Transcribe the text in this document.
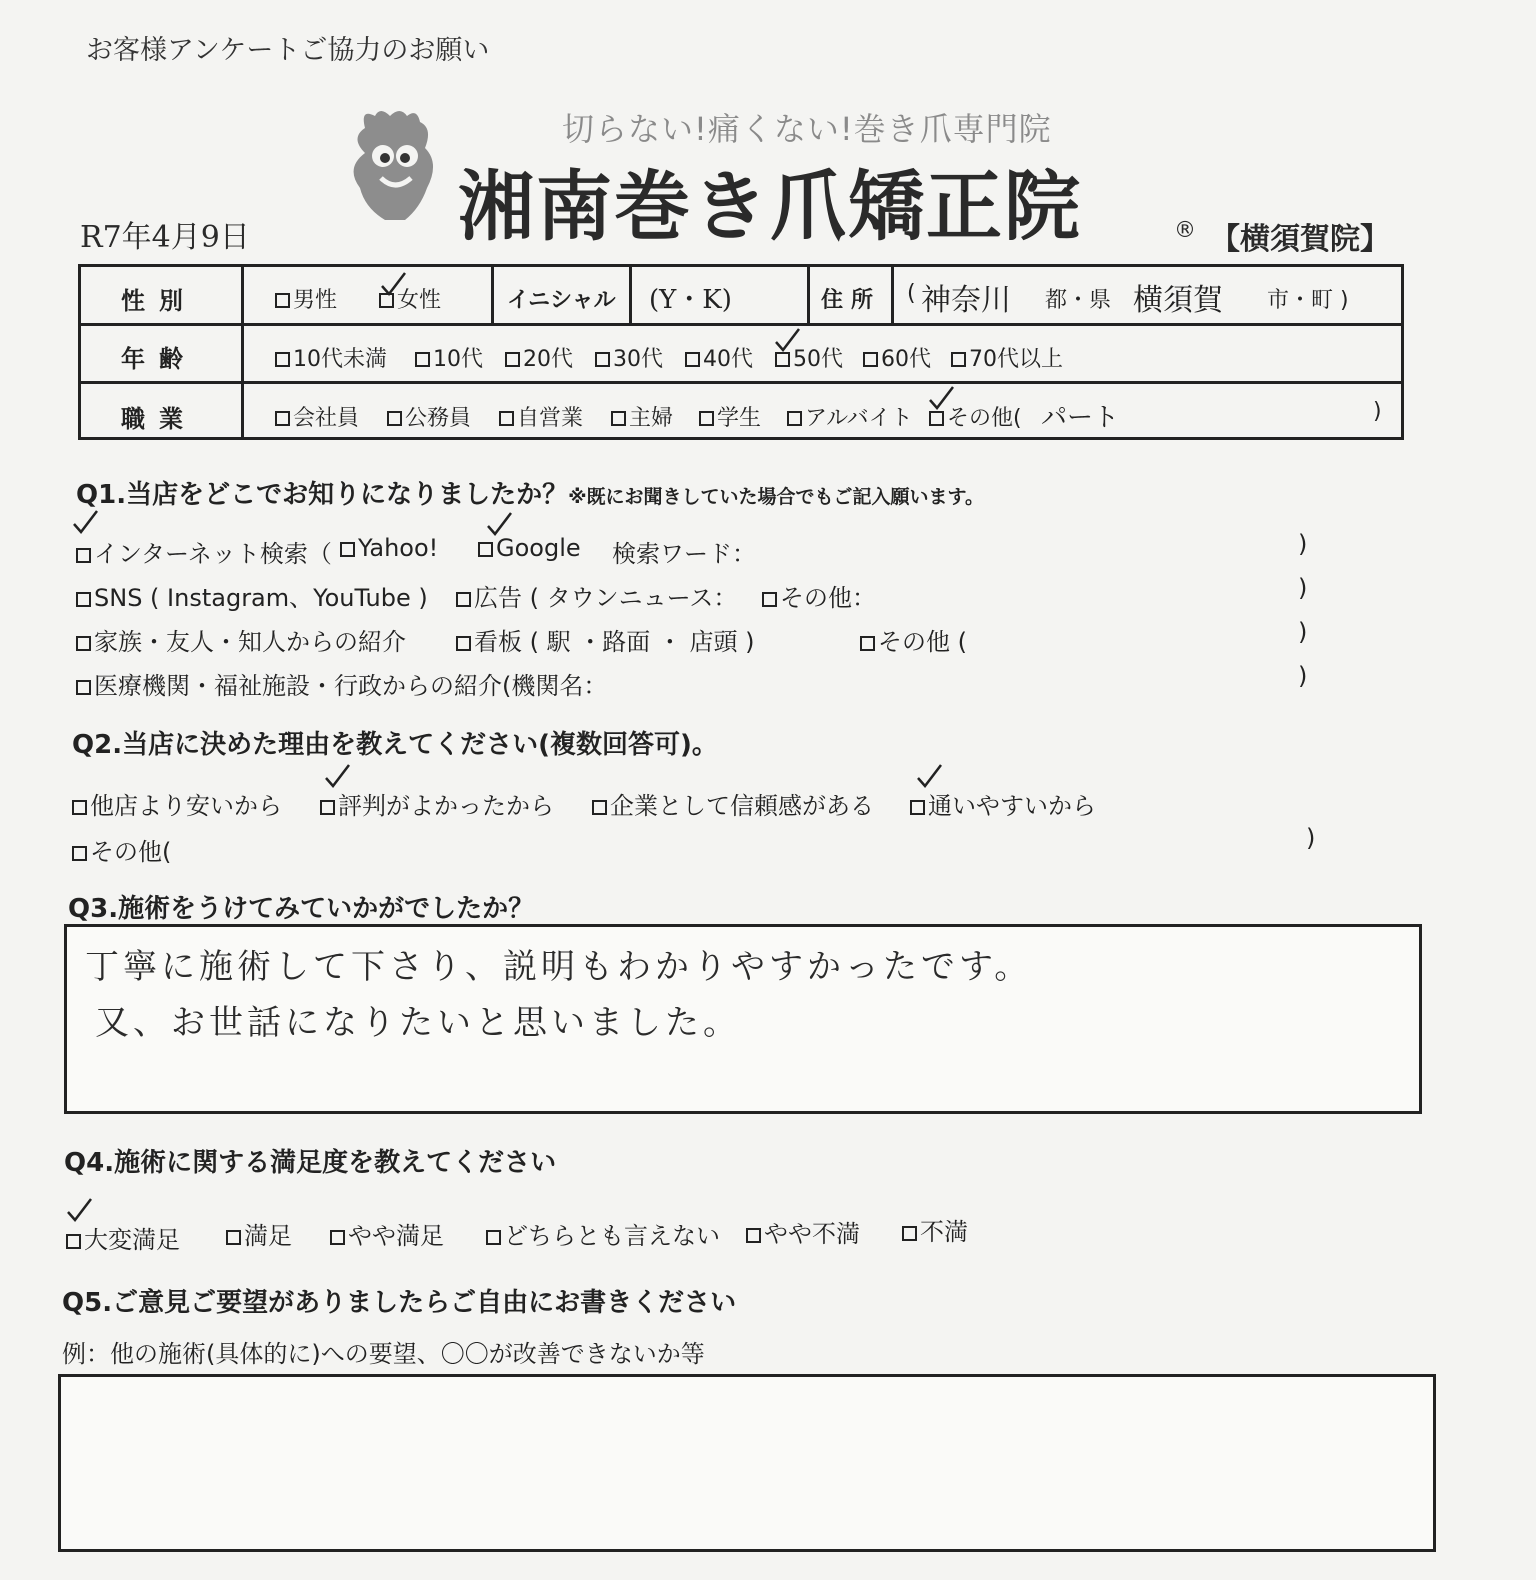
お客様アンケートご協力のお願い
切らない!痛くない!巻き爪専門院
湘南巻き爪矯正院	® 【横須賀院】
R7年4月9日
性別	男性	女性	イニシャル (Y・K)	住所 ( 神奈川 都・県 横須賀 市・町 )
年齢	10代未満	10代	20代	30代	40代	50代	60代	70代以上
職業	会社員	公務員	自営業	主婦	学生	アルバイト	その他( パート	)
Q1.当店をどこでお知りになりましたか？※既にお聞きしていた場合でもご記入願います。
インターネット検索（	Yahoo!	Google 検索ワード：	)
SNS ( Instagram、YouTube )	広告 ( タウンニュース：	その他：	)
家族・友人・知人からの紹介	看板 ( 駅 ・路面 ・ 店頭 )	その他 (	)
医療機関・福祉施設・行政からの紹介(機関名：	)
Q2.当店に決めた理由を教えてください(複数回答可)。
他店より安いから	評判がよかったから	企業として信頼感がある	通いやすいから
その他(	)
Q3.施術をうけてみていかがでしたか？
丁寧に施術して下さり、説明もわかりやすかったです。
又、お世話になりたいと思いました。
Q4.施術に関する満足度を教えてください
大変満足	満足	やや満足	どちらとも言えない	やや不満	不満
Q5.ご意見ご要望がありましたらご自由にお書きください
例：他の施術(具体的に)への要望、〇〇が改善できないか等
